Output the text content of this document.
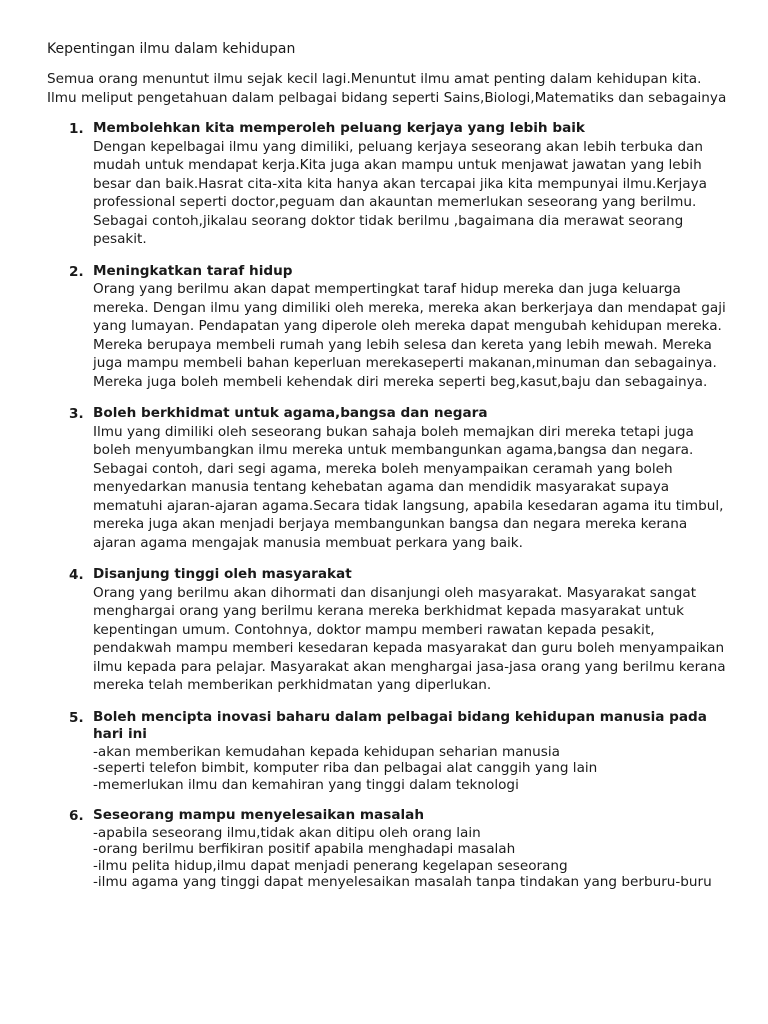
Kepentingan ilmu dalam kehidupan

Semua orang menuntut ilmu sejak kecil lagi.Menuntut ilmu amat penting dalam kehidupan kita. Ilmu meliput pengetahuan dalam pelbagai bidang seperti Sains,Biologi,Matematiks dan sebagainya

1. Membolehkan kita memperoleh peluang kerjaya yang lebih baik
Dengan kepelbagai ilmu yang dimiliki, peluang kerjaya seseorang akan lebih terbuka dan mudah untuk mendapat kerja.Kita juga akan mampu untuk menjawat jawatan yang lebih besar dan baik.Hasrat cita-xita kita hanya akan tercapai jika kita mempunyai ilmu.Kerjaya professional seperti doctor,peguam dan akauntan memerlukan seseorang yang berilmu. Sebagai contoh,jikalau seorang doktor tidak berilmu ,bagaimana dia merawat seorang pesakit.
2. Meningkatkan taraf hidup
Orang yang berilmu akan dapat mempertingkat taraf hidup mereka dan juga keluarga mereka. Dengan ilmu yang dimiliki oleh mereka, mereka akan berkerjaya dan mendapat gaji yang lumayan. Pendapatan yang diperole oleh mereka dapat mengubah kehidupan mereka. Mereka berupaya membeli rumah yang lebih selesa dan kereta yang lebih mewah. Mereka juga mampu membeli bahan keperluan merekaseperti makanan,minuman dan sebagainya. Mereka juga boleh membeli kehendak diri mereka seperti beg,kasut,baju dan sebagainya.
3. Boleh berkhidmat untuk agama,bangsa dan negara
Ilmu yang dimiliki oleh seseorang bukan sahaja boleh memajkan diri mereka tetapi juga boleh menyumbangkan ilmu mereka untuk membangunkan agama,bangsa dan negara. Sebagai contoh, dari segi agama, mereka boleh menyampaikan ceramah yang boleh menyedarkan manusia tentang kehebatan agama dan mendidik masyarakat supaya mematuhi ajaran-ajaran agama.Secara tidak langsung, apabila kesedaran agama itu timbul, mereka juga akan menjadi berjaya membangunkan bangsa dan negara mereka kerana ajaran agama mengajak manusia membuat perkara yang baik.
4. Disanjung tinggi oleh masyarakat
Orang yang berilmu akan dihormati dan disanjungi oleh masyarakat. Masyarakat sangat menghargai orang yang berilmu kerana mereka berkhidmat kepada masyarakat untuk kepentingan umum. Contohnya, doktor mampu memberi rawatan kepada pesakit, pendakwah mampu memberi kesedaran kepada masyarakat dan guru boleh menyampaikan ilmu kepada para pelajar. Masyarakat akan menghargai jasa-jasa orang yang berilmu kerana mereka telah memberikan perkhidmatan yang diperlukan.
5. Boleh mencipta inovasi baharu dalam pelbagai bidang kehidupan manusia pada hari ini
-akan memberikan kemudahan kepada kehidupan seharian manusia
-seperti telefon bimbit, komputer riba dan pelbagai alat canggih yang lain
-memerlukan ilmu dan kemahiran yang tinggi dalam teknologi
6. Seseorang mampu menyelesaikan masalah
-apabila seseorang ilmu,tidak akan ditipu oleh orang lain
-orang berilmu berfikiran positif apabila menghadapi masalah
-ilmu pelita hidup,ilmu dapat menjadi penerang kegelapan seseorang
-ilmu agama yang tinggi dapat menyelesaikan masalah tanpa tindakan yang berburu-buru
